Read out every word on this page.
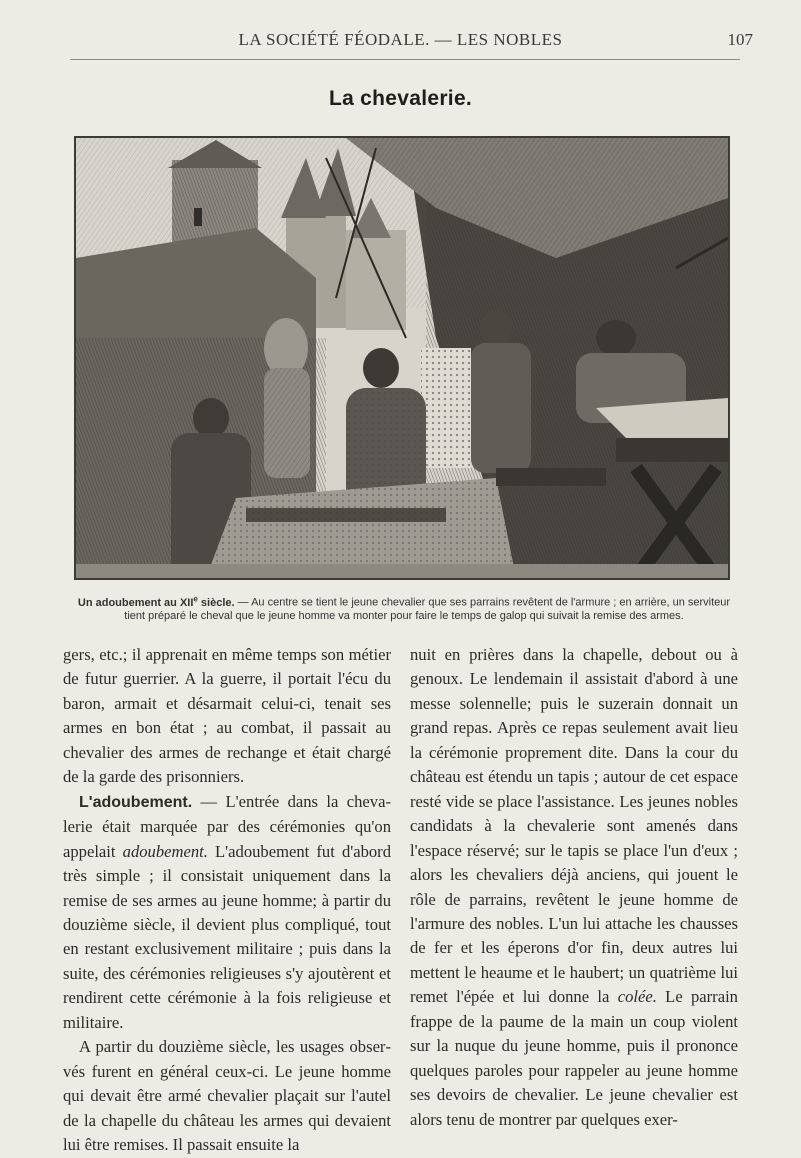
LA SOCIÉTÉ FÉODALE. — LES NOBLES	107
La chevalerie.
Un adoubement au XIIe siècle. — Au centre se tient le jeune chevalier que ses parrains revêtent de l'armure ; en arrière, un serviteur tient préparé le cheval que le jeune homme va monter pour faire le temps de galop qui suivait la remise des armes.

gers, etc.; il apprenait en même temps son métier de futur guerrier. A la guerre, il portait l'écu du baron, armait et désarmait celui-ci, tenait ses armes en bon état ; au combat, il passait au chevalier des armes de rechange et était chargé de la garde des prisonniers.

L'adoubement. — L'entrée dans la chevalerie était marquée par des cérémonies qu'on appelait adoubement. L'adoubement fut d'abord très simple ; il consistait uniquement dans la remise de ses armes au jeune homme; à partir du douzième siècle, il devient plus compliqué, tout en restant exclusivement militaire ; puis dans la suite, des cérémonies religieuses s'y ajoutèrent et rendirent cette cérémonie à la fois religieuse et militaire.

A partir du douzième siècle, les usages observés furent en général ceux-ci. Le jeune homme qui devait être armé chevalier plaçait sur l'autel de la chapelle du château les armes qui devaient lui être remises. Il passait ensuite la

nuit en prières dans la chapelle, debout ou à genoux. Le lendemain il assistait d'abord à une messe solennelle; puis le suzerain donnait un grand repas. Après ce repas seulement avait lieu la cérémonie proprement dite. Dans la cour du château est étendu un tapis ; autour de cet espace resté vide se place l'assistance. Les jeunes nobles candidats à la chevalerie sont amenés dans l'espace réservé; sur le tapis se place l'un d'eux ; alors les chevaliers déjà anciens, qui jouent le rôle de parrains, revêtent le jeune homme de l'armure des nobles. L'un lui attache les chausses de fer et les éperons d'or fin, deux autres lui mettent le heaume et le haubert; un quatrième lui remet l'épée et lui donne la colée. Le parrain frappe de la paume de la main un coup violent sur la nuque du jeune homme, puis il prononce quelques paroles pour rappeler au jeune homme ses devoirs de chevalier. Le jeune chevalier est alors tenu de montrer par quelques exer-
